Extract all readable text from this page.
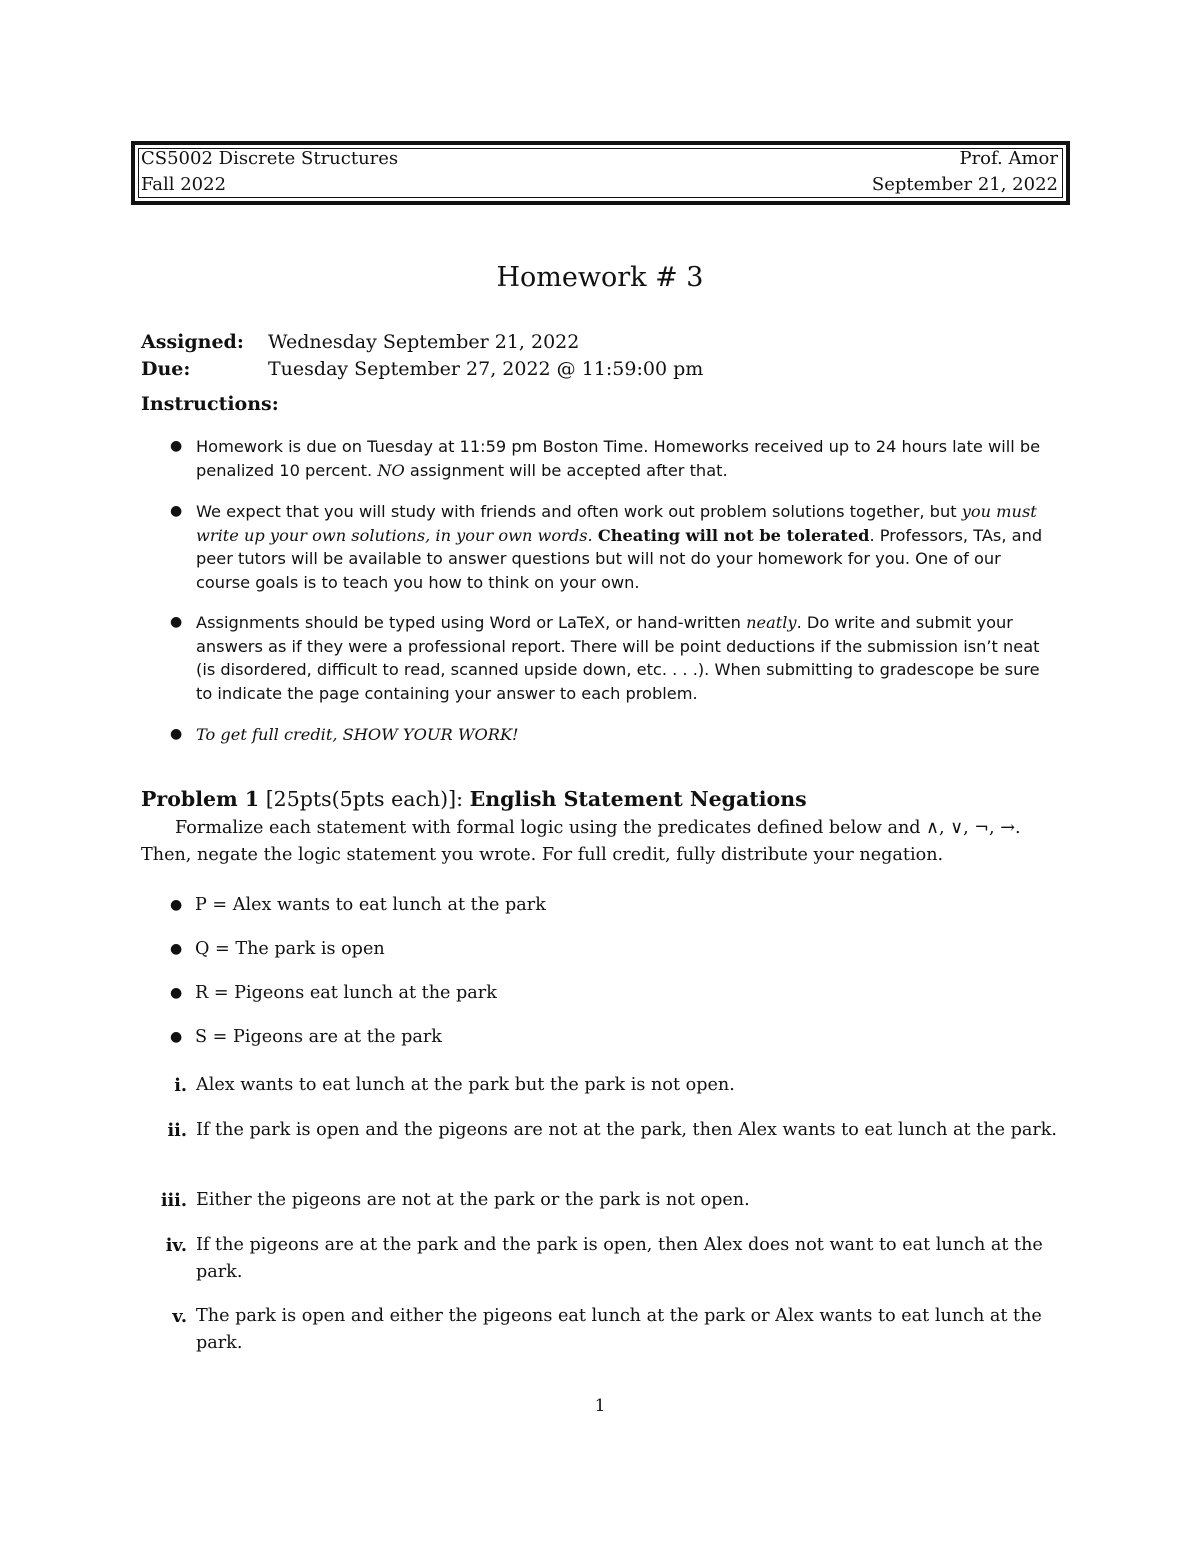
CS5002 Discrete Structures	Prof. Amor
Fall 2022	September 21, 2022
Homework # 3
Assigned: Wednesday September 21, 2022
Due:	Tuesday September 27, 2022 @ 11:59:00 pm
Instructions:
● Homework is due on Tuesday at 11:59 pm Boston Time. Homeworks received up to 24 hours late will be penalized 10 percent. NO assignment will be accepted after that.
● We expect that you will study with friends and often work out problem solutions together, but you must write up your own solutions, in your own words. Cheating will not be tolerated. Professors, TAs, and peer tutors will be available to answer questions but will not do your homework for you. One of our course goals is to teach you how to think on your own.
● Assignments should be typed using Word or LaTeX, or hand-written neatly. Do write and submit your answers as if they were a professional report. There will be point deductions if the submission isn’t neat (is disordered, difficult to read, scanned upside down, etc. . . .). When submitting to gradescope be sure to indicate the page containing your answer to each problem.
● To get full credit, SHOW YOUR WORK!
Problem 1 [25pts(5pts each)]: English Statement Negations
Formalize each statement with formal logic using the predicates defined below and ∧, ∨, ¬, →. Then, negate the logic statement you wrote. For full credit, fully distribute your negation.
● P = Alex wants to eat lunch at the park
● Q = The park is open
● R = Pigeons eat lunch at the park
● S = Pigeons are at the park
i. Alex wants to eat lunch at the park but the park is not open.
ii. If the park is open and the pigeons are not at the park, then Alex wants to eat lunch at the park.
iii. Either the pigeons are not at the park or the park is not open.
iv. If the pigeons are at the park and the park is open, then Alex does not want to eat lunch at the park.
v. The park is open and either the pigeons eat lunch at the park or Alex wants to eat lunch at the park.
1
